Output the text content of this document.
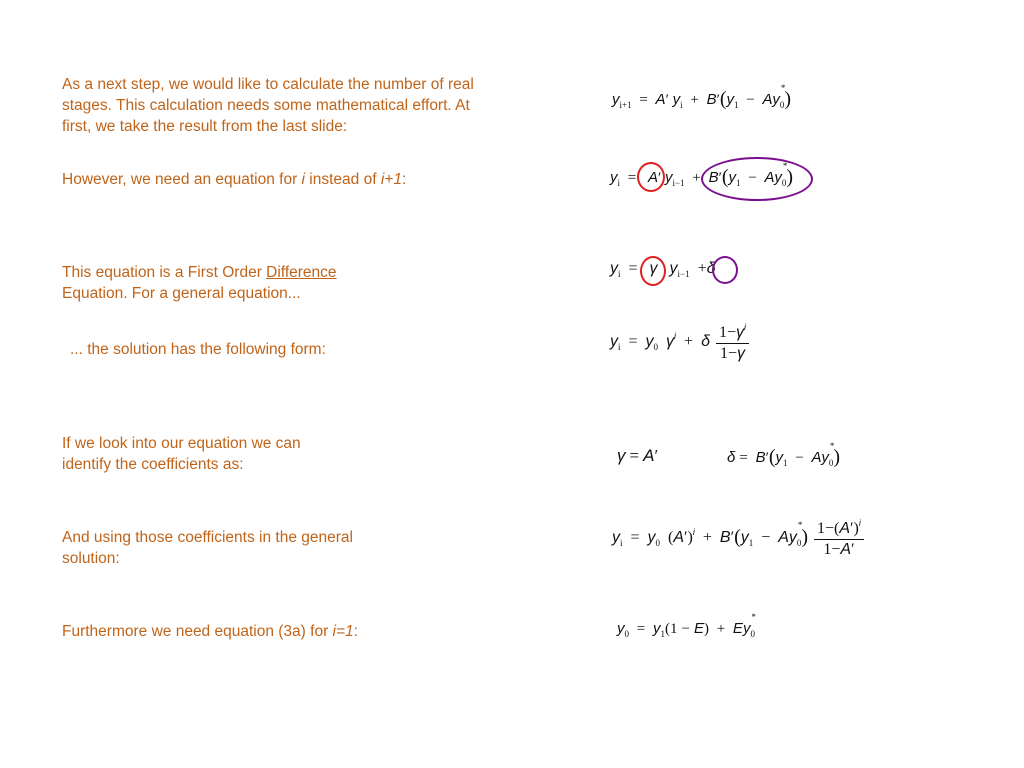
As a next step, we would like to calculate the number of real stages. This calculation needs some mathematical effort. At first, we take the result from the last slide:
However, we need an equation for i instead of i+1:
This equation is a First Order Difference Equation. For a general equation...
... the solution has the following form:
If we look into our equation we can identify the coefficients as:
And using those coefficients in the general solution:
Furthermore we need equation (3a) for i=1:
$y_{i+1} = A'$ $y_i + B'(y_1 - Ay$
*
$_0$)
$y_i = A'$ $y_{i-1} + B'(y_1 - Ay$
*
$_0$)
$y_i = \gamma$ $y_{i-1} +\delta$
$y_i = y_0$ $\gamma^i + \delta \frac{1-\gamma^i}{1-\gamma}$
γ = A′	$\delta = B'(y_1 - Ay$
*
$_0$)
$y_i = y_0$ $(A')^i + B'(y_1 - Ay$
*
$_0) \frac{1-(A')^i}{1-A'}$
$y_0 = y_1(1 - E) + Ey$
*
$_0$
